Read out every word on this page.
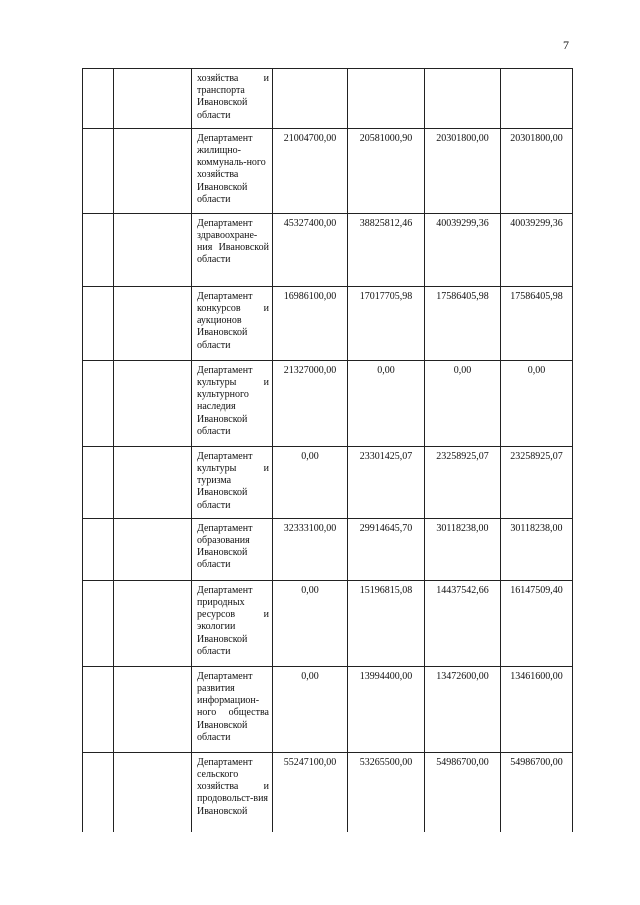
7

		хозяйства и транспорта Ивановской области				

		Департамент жилищно-коммуналь-ного хозяйства Ивановской области	21004700,00	20581000,90	20301800,00	20301800,00

		Департамент здравоохране-ния Ивановской области	45327400,00	38825812,46	40039299,36	40039299,36

		Департамент конкурсов и аукционов Ивановской области	16986100,00	17017705,98	17586405,98	17586405,98

		Департамент культуры и культурного наследия Ивановской области	21327000,00	0,00	0,00	0,00

		Департамент культуры и туризма Ивановской области	0,00	23301425,07	23258925,07	23258925,07

		Департамент образования Ивановской области	32333100,00	29914645,70	30118238,00	30118238,00

		Департамент природных ресурсов и экологии Ивановской области	0,00	15196815,08	14437542,66	16147509,40

		Департамент развития информацион-ного общества Ивановской области	0,00	13994400,00	13472600,00	13461600,00

		Департамент сельского хозяйства и продовольст-вия Ивановской	55247100,00	53265500,00	54986700,00	54986700,00
